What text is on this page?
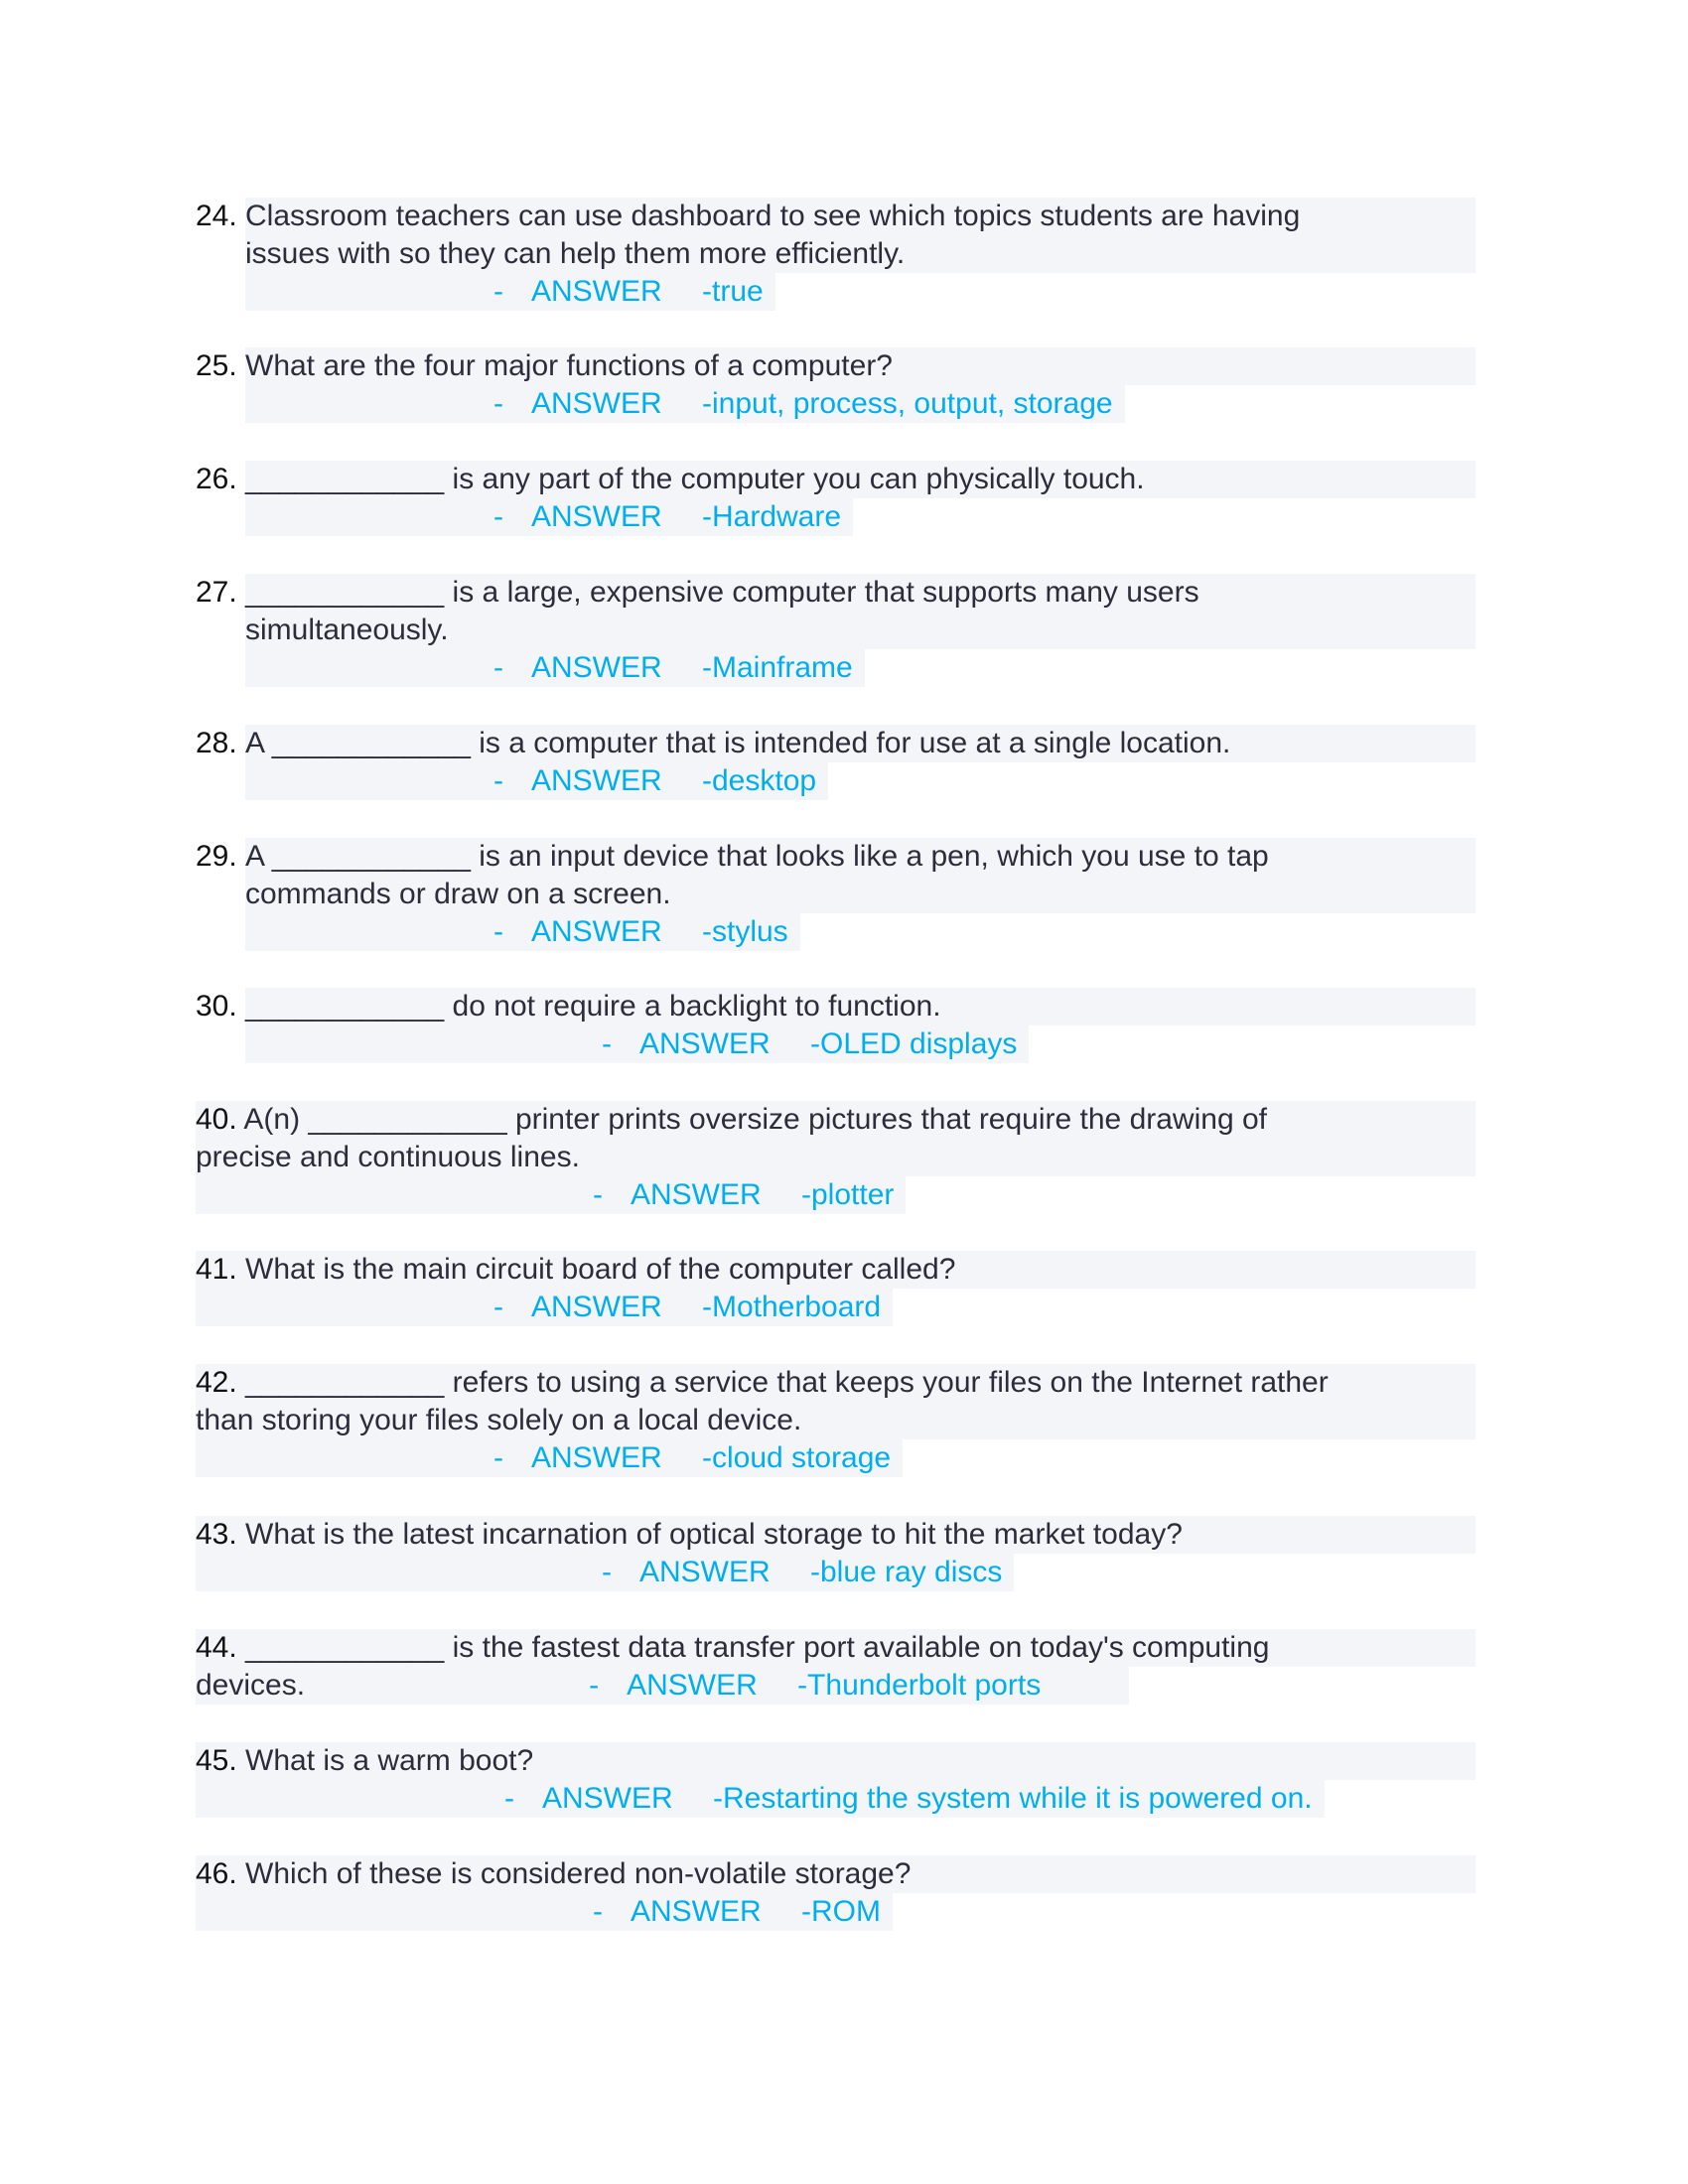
24. Classroom teachers can use dashboard to see which topics students are having
issues with so they can help them more efficiently.
- ANSWER -true
25. What are the four major functions of a computer?
- ANSWER -input, process, output, storage
26. ____________ is any part of the computer you can physically touch.
- ANSWER -Hardware
27. ____________ is a large, expensive computer that supports many users
simultaneously.
- ANSWER -Mainframe
28. A ____________ is a computer that is intended for use at a single location.
- ANSWER -desktop
29. A ____________ is an input device that looks like a pen, which you use to tap
commands or draw on a screen.
- ANSWER -stylus
30. ____________ do not require a backlight to function.
- ANSWER -OLED displays
40. A(n) ____________ printer prints oversize pictures that require the drawing of
precise and continuous lines.
- ANSWER -plotter
41. What is the main circuit board of the computer called?
- ANSWER -Motherboard
42. ____________ refers to using a service that keeps your files on the Internet rather
than storing your files solely on a local device.
- ANSWER -cloud storage
43. What is the latest incarnation of optical storage to hit the market today?
- ANSWER -blue ray discs
44. ____________ is the fastest data transfer port available on today's computing
devices.	- ANSWER -Thunderbolt ports
45. What is a warm boot?
- ANSWER -Restarting the system while it is powered on.
46. Which of these is considered non-volatile storage?
- ANSWER -ROM
